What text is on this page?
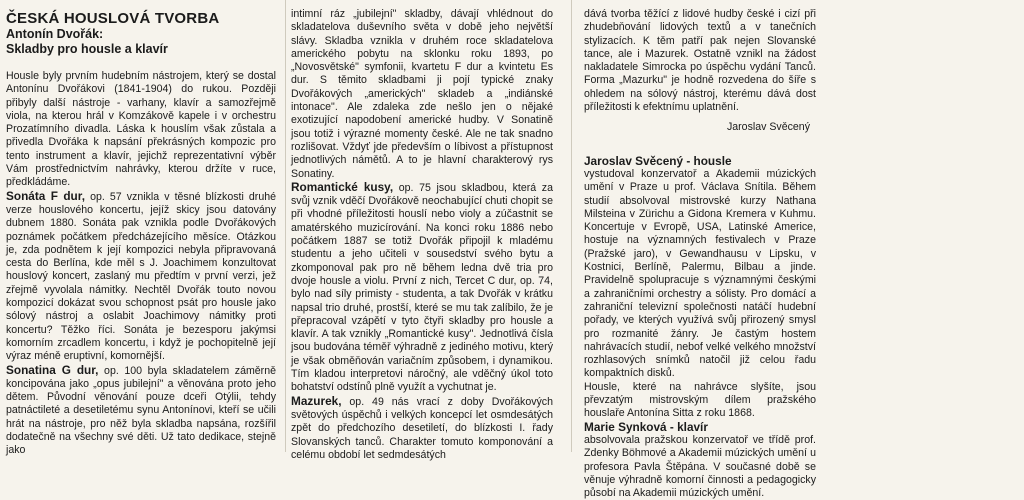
ČESKÁ HOUSLOVÁ TVORBA

Antonín Dvořák:

Skladby pro housle a klavír

Housle byly prvním hudebním nástrojem, který se dostal Antonínu Dvořákovi (1841-1904) do rukou. Později přibyly další nástroje - varhany, klavír a samozřejmě viola, na kterou hrál v Komzákově kapele i v orchestru Prozatímního divadla. Láska k houslím však zůstala a přivedla Dvořáka k napsání překrásných kompozic pro tento instrument a klavír, jejichž reprezentativní výběr Vám prostřednictvím nahrávky, kterou držíte v ruce, předkládáme.

Sonáta F dur, op. 57 vznikla v těsné blízkosti druhé verze houslového koncertu, jejíž skicy jsou datovány dubnem 1880. Sonáta pak vznikla podle Dvořákových poznámek počátkem předcházejícího měsíce. Otázkou je, zda podnětem k její kompozici nebyla připravovaná cesta do Berlína, kde měl s J. Joachimem konzultovat houslový koncert, zaslaný mu předtím v první verzi, jež zřejmě vyvolala námitky. Nechtěl Dvořák touto novou kompozicí dokázat svou schopnost psát pro housle jako sólový nástroj a oslabit Joachimovy námitky proti koncertu? Těžko říci. Sonáta je bezesporu jakýmsi komorním zrcadlem koncertu, i když je pochopitelně její výraz méně eruptivní, komornější.

Sonatina G dur, op. 100 byla skladatelem záměrně koncipována jako „opus jubilejní" a věnována proto jeho dětem. Původní věnování pouze dceři Otýlii, tehdy patnáctileté a desetiletému synu Antonínovi, kteří se učili hrát na nástroje, pro něž byla skladba napsána, rozšířil dodatečně na všechny své děti. Už tato dedikace, stejně jako

intimní ráz „jubilejní" skladby, dávají vhlédnout do skladatelova duševního světa v době jeho největší slávy. Skladba vznikla v druhém roce skladatelova amerického pobytu na sklonku roku 1893, po „Novosvětské" symfonii, kvartetu F dur a kvintetu Es dur. S těmito skladbami ji pojí typické znaky Dvořákových „amerických" skladeb a „indiánské intonace". Ale zdaleka zde nešlo jen o nějaké exotizující napodobení americké hudby. V Sonatině jsou totiž i výrazné momenty české. Ale ne tak snadno rozlišovat. Vždyť jde především o líbivost a přístupnost jednotlivých námětů. A to je hlavní charakterový rys Sonatiny.

Romantické kusy, op. 75 jsou skladbou, která za svůj vznik vděčí Dvořákově neochabující chuti chopit se při vhodné příležitosti houslí nebo violy a zúčastnit se amatérského muzicírování. Na konci roku 1886 nebo počátkem 1887 se totiž Dvořák připojil k mladému studentu a jeho učiteli v sousedství svého bytu a zkomponoval pak pro ně během ledna dvě tria pro dvoje housle a violu. První z nich, Tercet C dur, op. 74, bylo nad síly primisty - studenta, a tak Dvořák v krátku napsal trio druhé, prostší, které se mu tak zalíbilo, že je přepracoval vzápětí v tyto čtyři skladby pro housle a klavír. A tak vznikly „Romantické kusy". Jednotlivá čísla jsou budována téměř výhradně z jediného motivu, který je však obměňován variačním způsobem, i dynamikou. Tím kladou interpretovi náročný, ale vděčný úkol toto bohatství odstínů plně využít a vychutnat je.

Mazurek, op. 49 nás vrací z doby Dvořákových světových úspěchů i velkých koncepcí let osmdesátých zpět do předchozího desetiletí, do blízkosti I. řady Slovanských tanců. Charakter tomuto komponování a celému období let sedmdesátých

dává tvorba těžící z lidové hudby české i cizí při zhudebňování lidových textů a v tanečních stylizacích. K těm patří pak nejen Slovanské tance, ale i Mazurek. Ostatně vznikl na žádost nakladatele Simrocka po úspěchu vydání Tanců. Forma „Mazurku" je hodně rozvedena do šíře s ohledem na sólový nástroj, kterému dává dost příležitosti k efektnímu uplatnění.

Jaroslav Svěcený

Jaroslav Svěcený - housle

vystudoval konzervatoř a Akademii múzických umění v Praze u prof. Václava Snítila. Během studií absolvoval mistrovské kurzy Nathana Milsteina v Zürichu a Gidona Kremera v Kuhmu. Koncertuje v Evropě, USA, Latinské Americe, hostuje na významných festivalech v Praze (Pražské jaro), v Gewandhausu v Lipsku, v Kostnici, Berlíně, Palermu, Bilbau a jinde. Pravidelně spolupracuje s významnými českými a zahraničními orchestry a sólisty. Pro domácí a zahraniční televizní společnosti natáčí hudební pořady, ve kterých využívá svůj přirozený smysl pro rozmanité žánry. Je častým hostem nahrávacích studií, nebof velké velkého množství rozhlasových snímků natočil již celou řadu kompaktních disků.

Housle, které na nahrávce slyšíte, jsou převzatým mistrovským dílem pražského houslaře Antonína Sitta z roku 1868.

Marie Synková - klavír

absolvovala pražskou konzervatoř ve třídě prof. Zdenky Böhmové a Akademii múzických umění u profesora Pavla Štěpána. V současné době se věnuje výhradně komorní činnosti a pedagogicky působí na Akademii múzických umění.
